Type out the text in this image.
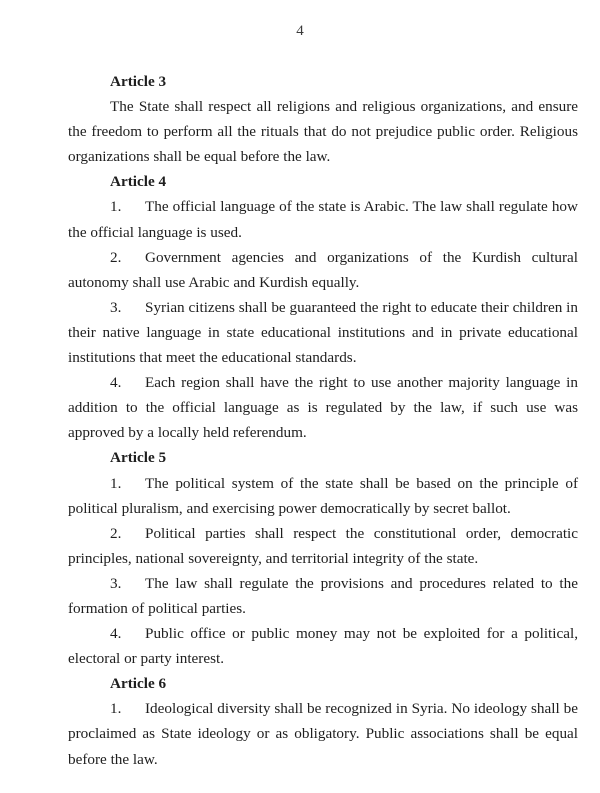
4

Article 3

The State shall respect all religions and religious organizations, and ensure the freedom to perform all the rituals that do not prejudice public order. Religious organizations shall be equal before the law.

Article 4

1. The official language of the state is Arabic. The law shall regulate how the official language is used.

2. Government agencies and organizations of the Kurdish cultural autonomy shall use Arabic and Kurdish equally.

3. Syrian citizens shall be guaranteed the right to educate their children in their native language in state educational institutions and in private educational institutions that meet the educational standards.

4. Each region shall have the right to use another majority language in addition to the official language as is regulated by the law, if such use was approved by a locally held referendum.

Article 5

1. The political system of the state shall be based on the principle of political pluralism, and exercising power democratically by secret ballot.

2. Political parties shall respect the constitutional order, democratic principles, national sovereignty, and territorial integrity of the state.

3. The law shall regulate the provisions and procedures related to the formation of political parties.

4. Public office or public money may not be exploited for a political, electoral or party interest.

Article 6

1. Ideological diversity shall be recognized in Syria. No ideology shall be proclaimed as State ideology or as obligatory. Public associations shall be equal before the law.
